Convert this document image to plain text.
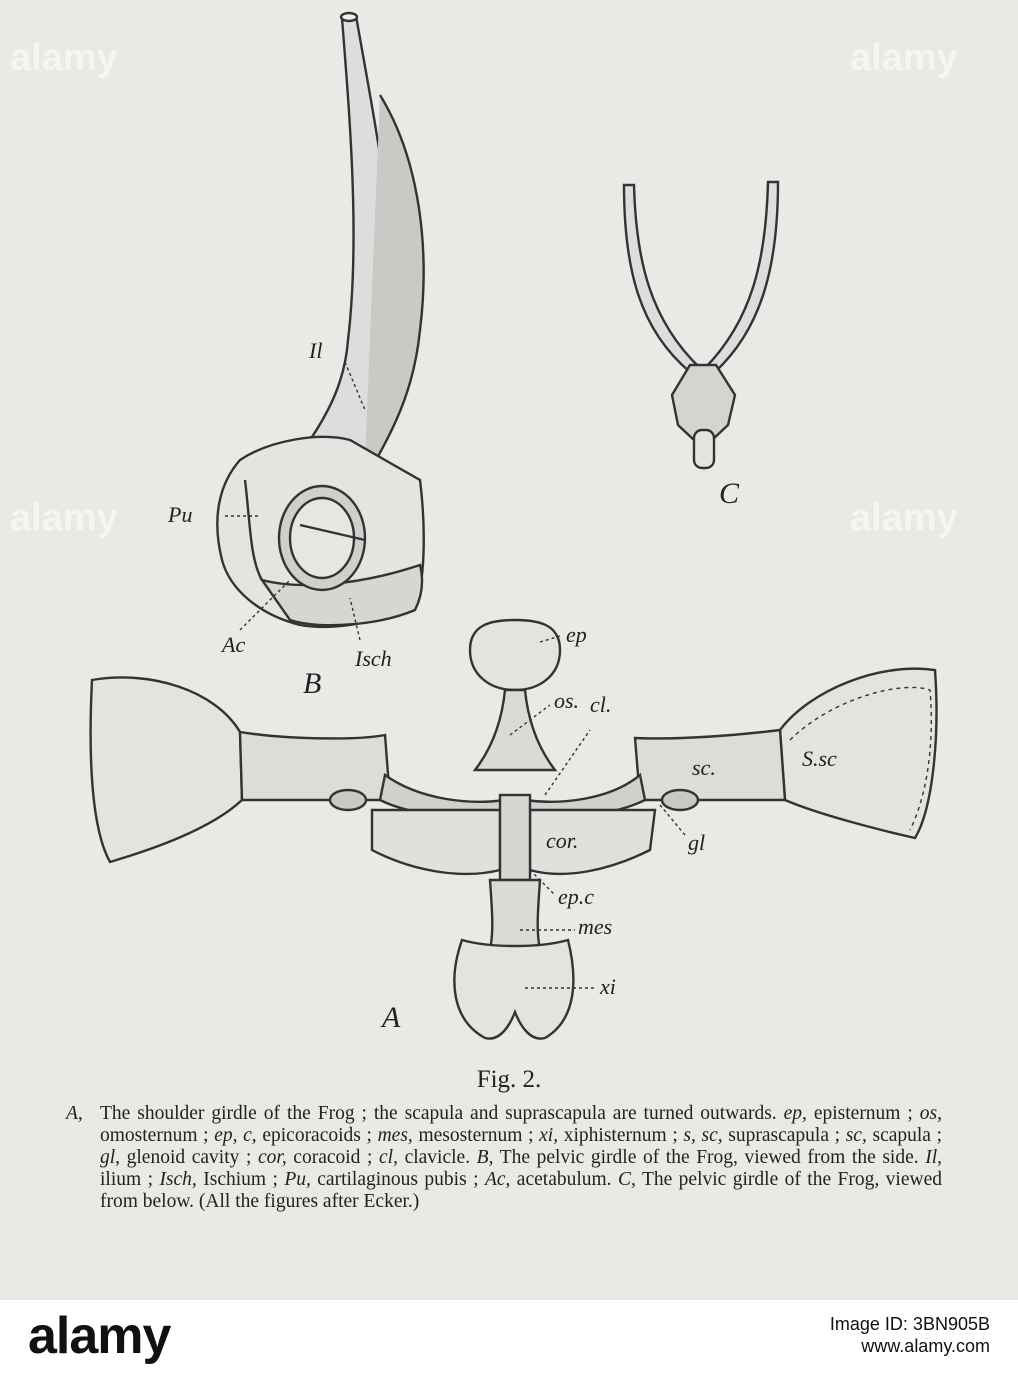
alamy	alamy
alamy	alamy
Il
Pu
Ac
Isch
B
C
ep
os. cl.
sc.	S.sc
cor.	gl
ep.c
mes
xi
A
Fig. 2.
A, The shoulder girdle of the Frog ; the scapula and suprascapula are turned outwards. ep, episternum ; os, omosternum ; ep, c, epicoracoids ; mes, mesosternum ; xi, xiphisternum ; s, sc, suprascapula ; sc, scapula ; gl, glenoid cavity ; cor, coracoid ; cl, clavicle. B, The pelvic girdle of the Frog, viewed from the side. Il, ilium ; Isch, Ischium ; Pu, cartilaginous pubis ; Ac, acetabulum. C, The pelvic girdle of the Frog, viewed from below. (All the figures after Ecker.)
alamy	Image ID: 3BN905B
www.alamy.com
